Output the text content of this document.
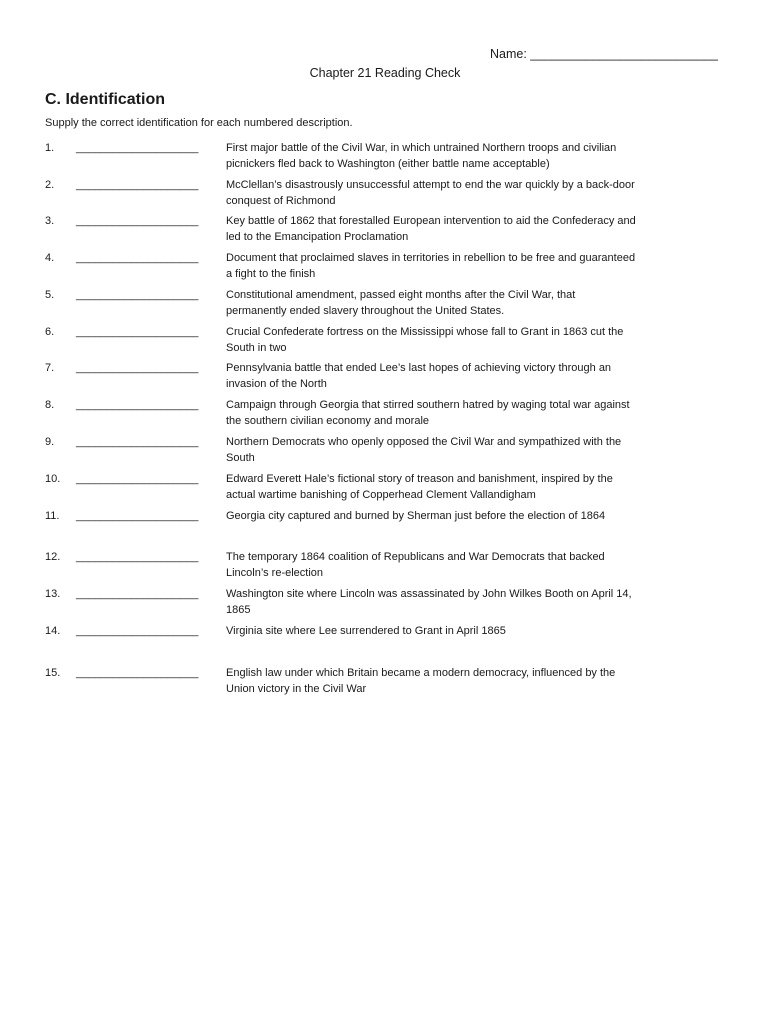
Name: ___________________________
Chapter 21 Reading Check
C. Identification
Supply the correct identification for each numbered description.
1. ____________________	First major battle of the Civil War, in which untrained Northern troops and civilian picnickers fled back to Washington (either battle name acceptable)
2. ____________________	McClellan’s disastrously unsuccessful attempt to end the war quickly by a back-door conquest of Richmond
3. ____________________	Key battle of 1862 that forestalled European intervention to aid the Confederacy and led to the Emancipation Proclamation
4. ____________________	Document that proclaimed slaves in territories in rebellion to be free and guaranteed a fight to the finish
5. ____________________	Constitutional amendment, passed eight months after the Civil War, that permanently ended slavery throughout the United States.
6. ____________________	Crucial Confederate fortress on the Mississippi whose fall to Grant in 1863 cut the South in two
7. ____________________	Pennsylvania battle that ended Lee’s last hopes of achieving victory through an invasion of the North
8. ____________________	Campaign through Georgia that stirred southern hatred by waging total war against the southern civilian economy and morale
9. ____________________	Northern Democrats who openly opposed the Civil War and sympathized with the South
10. ____________________	Edward Everett Hale’s fictional story of treason and banishment, inspired by the actual wartime banishing of Copperhead Clement Vallandigham
11. ____________________	Georgia city captured and burned by Sherman just before the election of 1864
12. ____________________	The temporary 1864 coalition of Republicans and War Democrats that backed Lincoln’s re-election
13. ____________________	Washington site where Lincoln was assassinated by John Wilkes Booth on April 14, 1865
14. ____________________	Virginia site where Lee surrendered to Grant in April 1865
15. ____________________	English law under which Britain became a modern democracy, influenced by the Union victory in the Civil War
